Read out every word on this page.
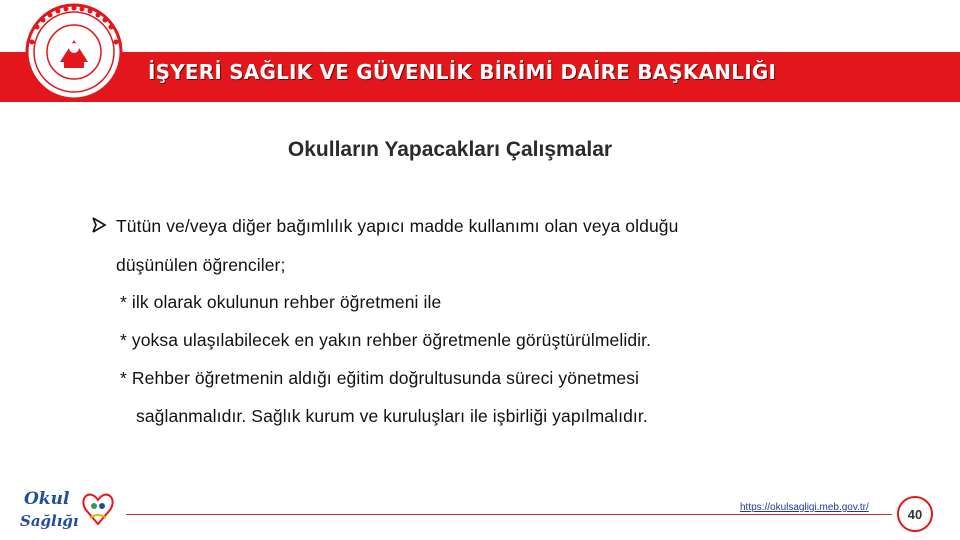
İŞYERİ SAĞLIK VE GÜVENLİK BİRİMİ DAİRE BAŞKANLIĞI
Okulların Yapacakları Çalışmalar
Tütün ve/veya diğer bağımlılık yapıcı madde kullanımı olan veya olduğu
düşünülen öğrenciler;
* ilk olarak okulunun rehber öğretmeni ile
* yoksa ulaşılabilecek en yakın rehber öğretmenle görüştürülmelidir.
* Rehber öğretmenin aldığı eğitim doğrultusunda süreci yönetmesi
sağlanmalıdır. Sağlık kurum ve kuruluşları ile işbirliği yapılmalıdır.
Okul
Sağlığı
https://okulsagligi.meb.gov.tr/	40
